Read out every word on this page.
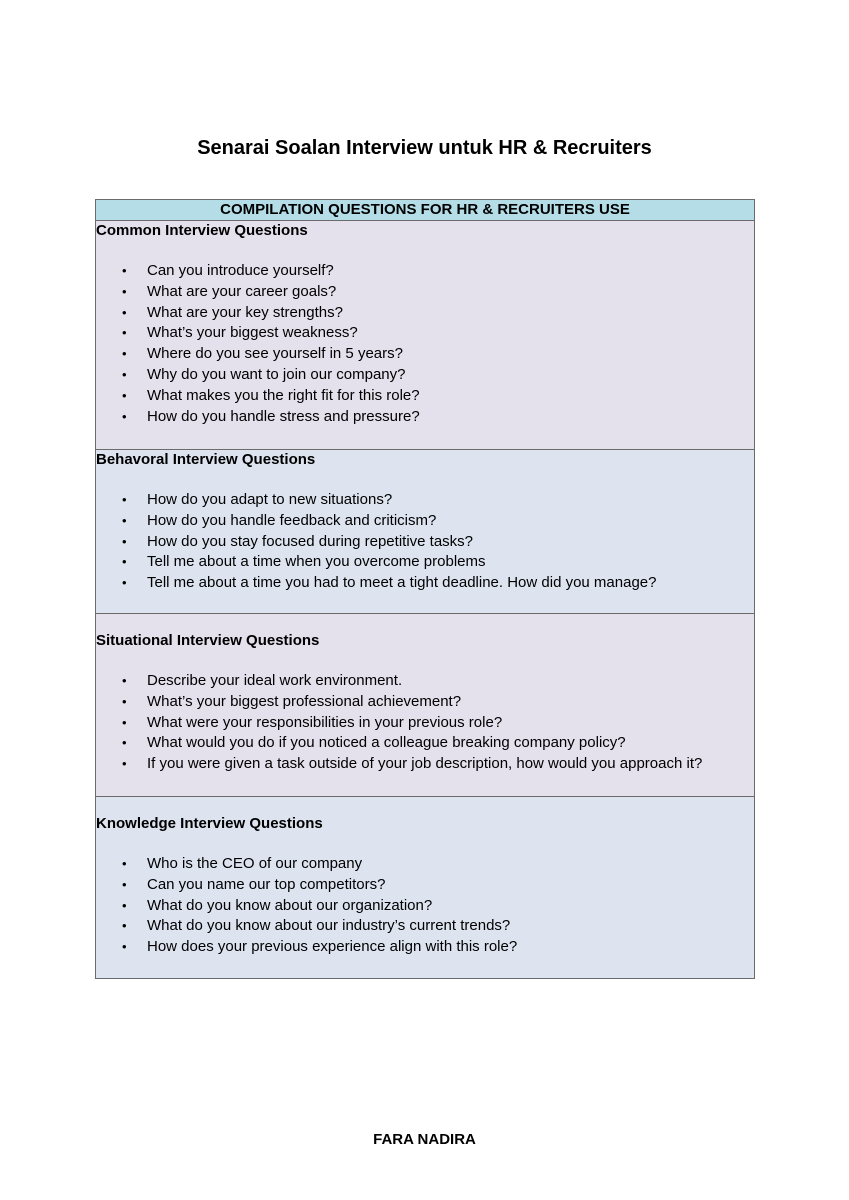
Senarai Soalan Interview untuk HR & Recruiters
COMPILATION QUESTIONS FOR HR & RECRUITERS USE

Common Interview Questions
• Can you introduce yourself?
• What are your career goals?
• What are your key strengths?
• What’s your biggest weakness?
• Where do you see yourself in 5 years?
• Why do you want to join our company?
• What makes you the right fit for this role?
• How do you handle stress and pressure?

Behavoral Interview Questions
• How do you adapt to new situations?
• How do you handle feedback and criticism?
• How do you stay focused during repetitive tasks?
• Tell me about a time when you overcome problems
• Tell me about a time you had to meet a tight deadline. How did you manage?

Situational Interview Questions
• Describe your ideal work environment.
• What’s your biggest professional achievement?
• What were your responsibilities in your previous role?
• What would you do if you noticed a colleague breaking company policy?
• If you were given a task outside of your job description, how would you approach it?

Knowledge Interview Questions
• Who is the CEO of our company
• Can you name our top competitors?
• What do you know about our organization?
• What do you know about our industry’s current trends?
• How does your previous experience align with this role?
FARA NADIRA
